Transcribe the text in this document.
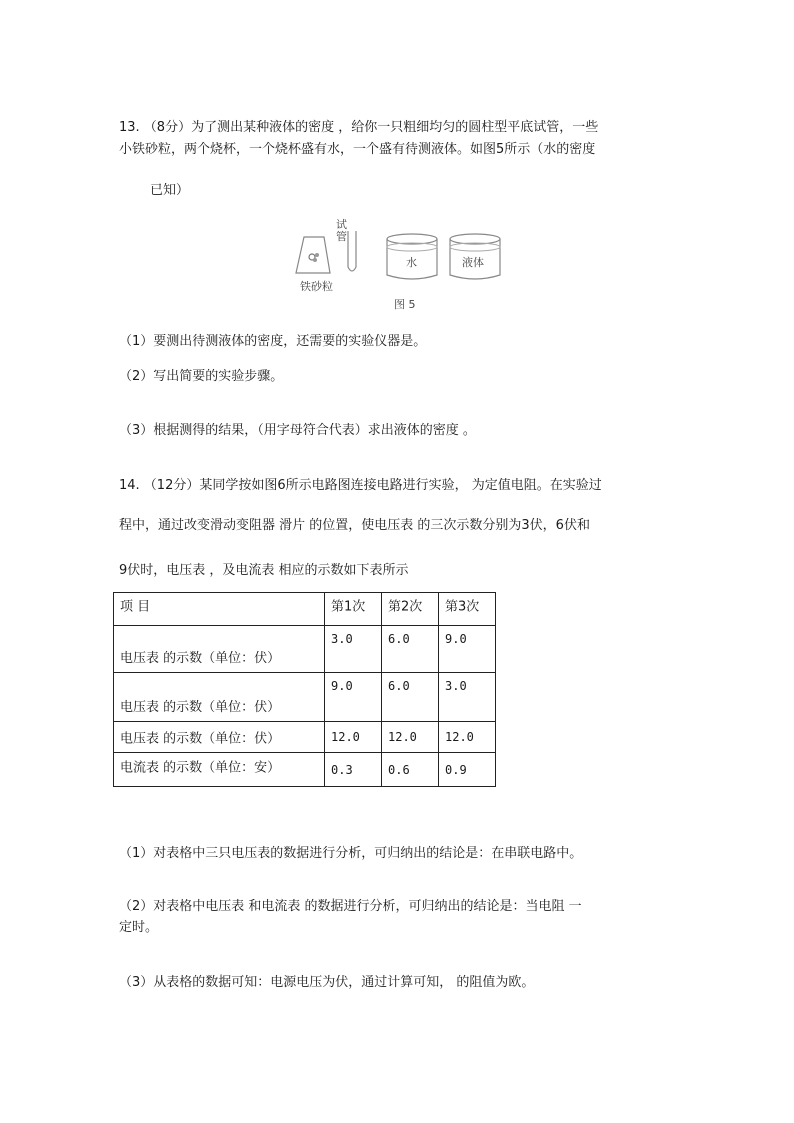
13. （8分）为了测出某种液体的密度 ，给你一只粗细均匀的圆柱型平底试管，一些
小铁砂粒，两个烧杯，一个烧杯盛有水，一个盛有待测液体。如图5所示（水的密度
已知）
试管
铁砂粒
水	液体
图 5
（1）要测出待测液体的密度，还需要的实验仪器是。
（2）写出简要的实验步骤。
（3）根据测得的结果，（用字母符合代表）求出液体的密度 。
14. （12分）某同学按如图6所示电路图连接电路进行实验， 为定值电阻。在实验过
程中，通过改变滑动变阻器 滑片 的位置，使电压表 的三次示数分别为3伏，6伏和
9伏时，电压表 ，及电流表 相应的示数如下表所示
项 目	第1次	第2次	第3次

电压表 的示数（单位：伏）	3.0	6.0	9.0

电压表 的示数（单位：伏）	9.0	6.0	3.0

电压表 的示数（单位：伏）	12.0	12.0	12.0

电流表 的示数（单位：安）	0.3	0.6	0.9
（1）对表格中三只电压表的数据进行分析，可归纳出的结论是：在串联电路中。
（2）对表格中电压表 和电流表 的数据进行分析，可归纳出的结论是：当电阻 一
定时。
（3）从表格的数据可知：电源电压为伏，通过计算可知， 的阻值为欧。
